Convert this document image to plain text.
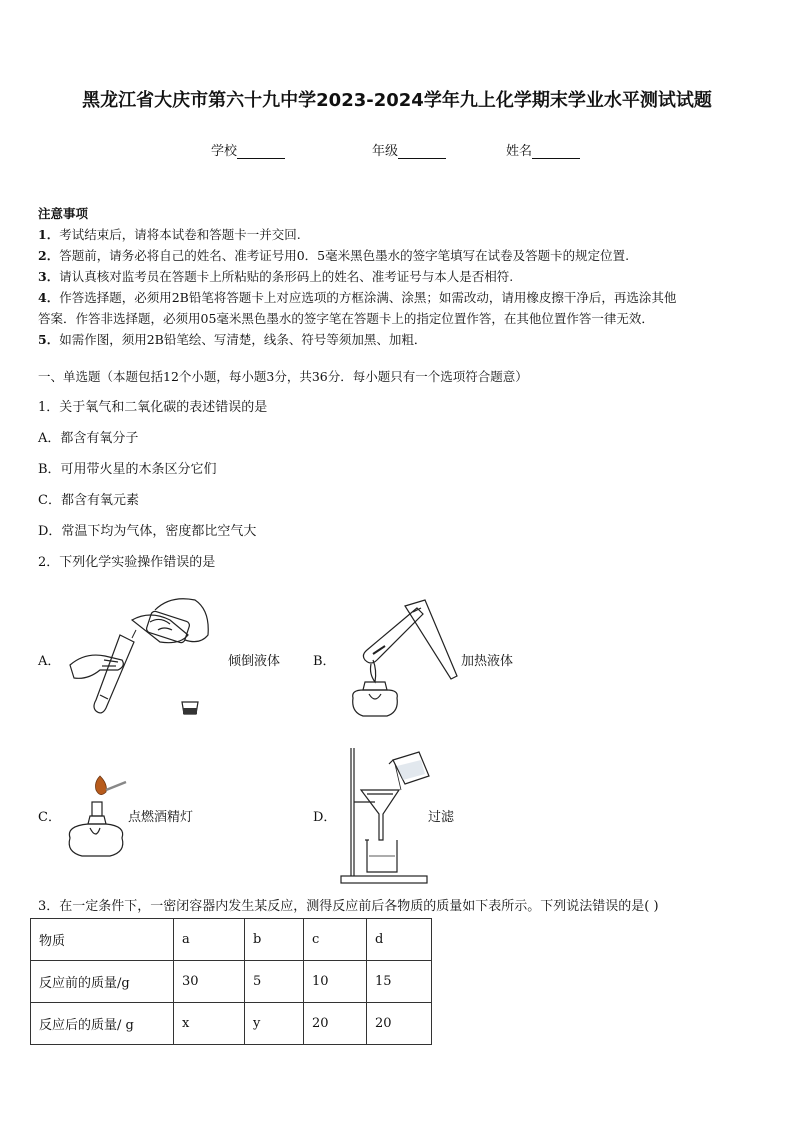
黑龙江省大庆市第六十九中学2023-2024学年九上化学期末学业水平测试试题
学校	年级	姓名
注意事项
1．考试结束后，请将本试卷和答题卡一并交回.
2．答题前，请务必将自己的姓名、准考证号用0．5毫米黑色墨水的签字笔填写在试卷及答题卡的规定位置.
3．请认真核对监考员在答题卡上所粘贴的条形码上的姓名、准考证号与本人是否相符.
4．作答选择题，必须用2B铅笔将答题卡上对应选项的方框涂满、涂黑；如需改动，请用橡皮擦干净后，再选涂其他
答案．作答非选择题，必须用05毫米黑色墨水的签字笔在答题卡上的指定位置作答，在其他位置作答一律无效．
5．如需作图，须用2B铅笔绘、写清楚，线条、符号等须加黑、加粗．
一、单选题（本题包括12个小题，每小题3分，共36分．每小题只有一个选项符合题意）
1．关于氧气和二氧化碳的表述错误的是
A．都含有氧分子
B．可用带火星的木条区分它们
C．都含有氧元素
D．常温下均为气体，密度都比空气大
2．下列化学实验操作错误的是
A．	倾倒液体	B．	加热液体
C．	点燃酒精灯	D．	过滤
3．在一定条件下，一密闭容器内发生某反应，测得反应前后各物质的质量如下表所示。下列说法错误的是( )
物质	a	b	c	d
反应前的质量/g	30	5	10	15
反应后的质量/ g	x	y	20	20
